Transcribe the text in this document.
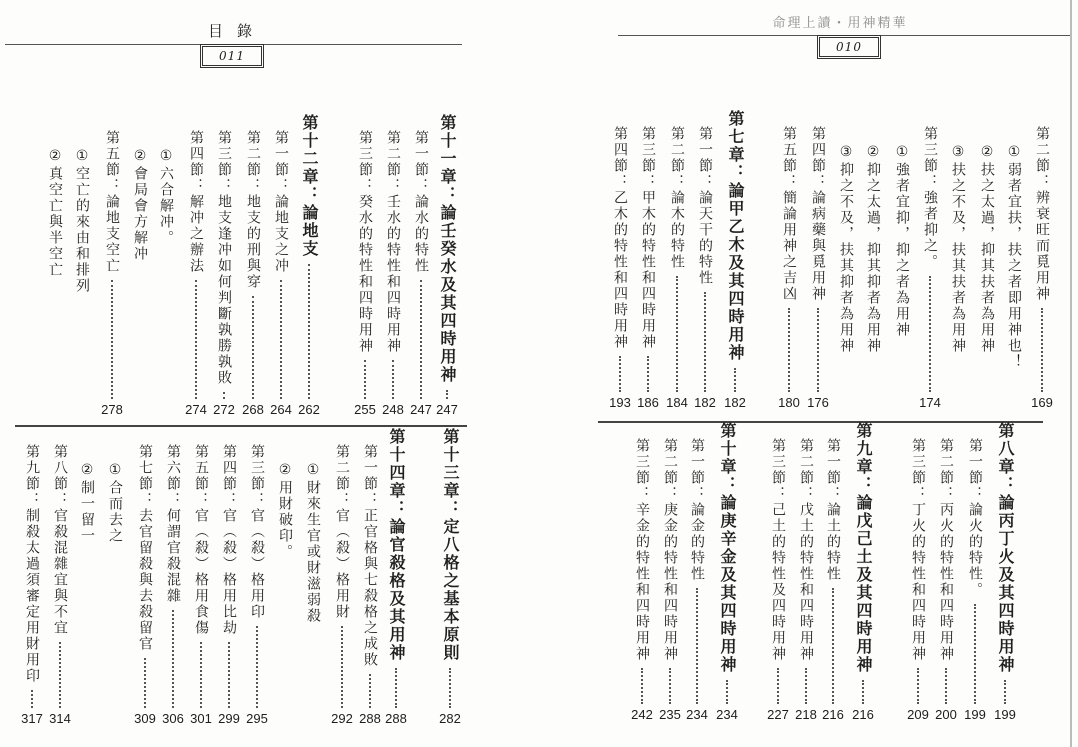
目錄
011
命理上讀・用神精華
010
第十一章：論壬癸水及其四時用神
247
第一節：論水的特性
247
第二節：壬水的特性和四時用神
248
第三節：癸水的特性和四時用神
255
第十二章：論地支
262
第一節：論地支之冲
264
第二節：地支的刑與穿
268
第三節：地支逢冲如何判斷孰勝孰敗
272
第四節：解冲之辦法
274
①六合解冲。
②會局會方解冲
第五節：論地支空亡
278
①空亡的來由和排列
②真空亡與半空亡
第十三章：定八格之基本原則
282
第十四章：論官殺格及其用神
288
第一節：正官格與七殺格之成敗
288
第二節：官（殺）格用財
292
①財來生官或財滋弱殺
②用財破印。
第三節：官（殺）格用印
295
第四節：官（殺）格用比劫
299
第五節：官（殺）格用食傷
301
第六節：何謂官殺混雜
306
第七節：去官留殺與去殺留官
309
①合而去之
②制一留一
第八節：官殺混雜宜與不宜
314
第九節：制殺太過須審定用財用印
317
第二節：辨衰旺而覓用神
169
①弱者宜扶，扶之者即用神也！
②扶之太過，抑其扶者為用神
③扶之不及，扶其扶者為用神
第三節：強者抑之。
174
①強者宜抑，抑之者為用神
②抑之太過，抑其抑者為用神
③抑之不及，扶其抑者為用神
第四節：論病藥與覓用神
176
第五節：簡論用神之吉凶
180
第七章：論甲乙木及其四時用神
182
第一節：論天干的特性
182
第二節：論木的特性
184
第三節：甲木的特性和四時用神
186
第四節：乙木的特性和四時用神
193
第八章：論丙丁火及其四時用神
199
第一節：論火的特性。
199
第二節：丙火的特性和四時用神
200
第三節：丁火的特性和四時用神
209
第九章：論戊己土及其四時用神
216
第一節：論土的特性
216
第二節：戊土的特性和四時用神
218
第三節：己土的特性及四時用神
227
第十章：論庚辛金及其四時用神
234
第一節：論金的特性
234
第二節：庚金的特性和四時用神
235
第三節：辛金的特性和四時用神
242
